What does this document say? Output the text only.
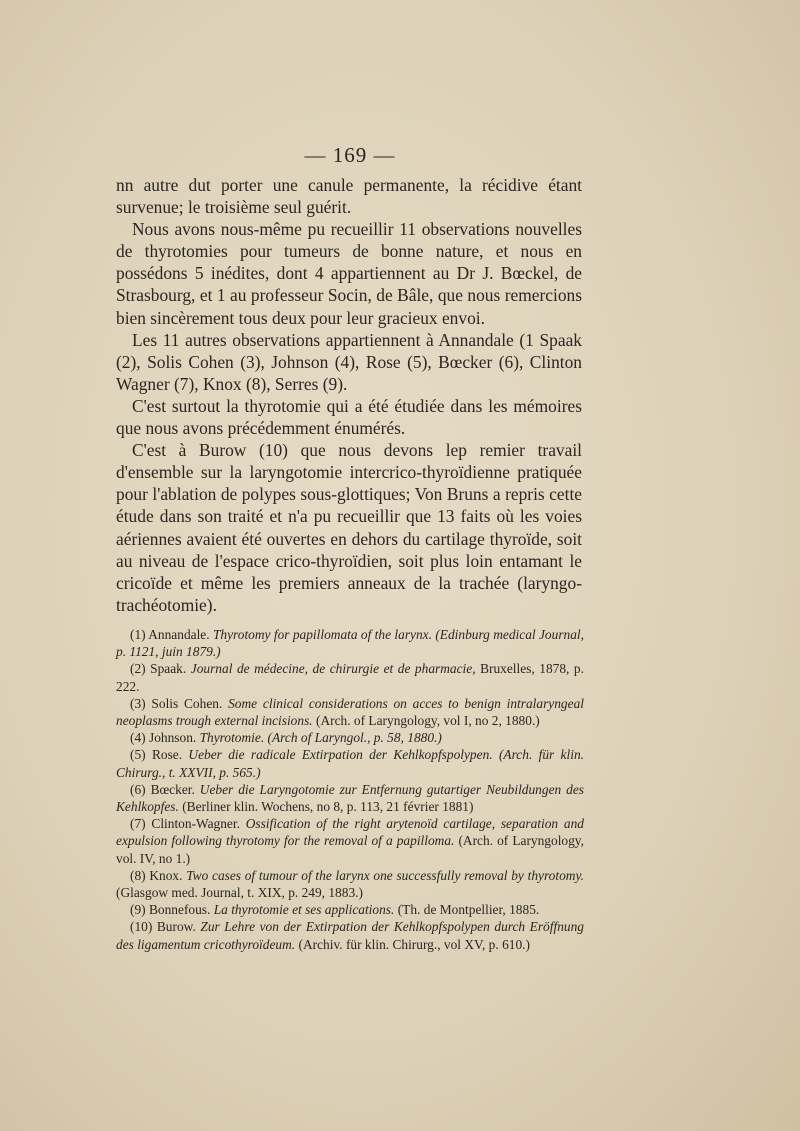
— 169 —

nn autre dut porter une canule permanente, la récidive étant survenue; le troisième seul guérit.

Nous avons nous-même pu recueillir 11 observations nouvelles de thyrotomies pour tumeurs de bonne nature, et nous en possédons 5 inédites, dont 4 appartiennent au Dr J. Bœckel, de Strasbourg, et 1 au professeur Socin, de Bâle, que nous remercions bien sincèrement tous deux pour leur gracieux envoi.

Les 11 autres observations appartiennent à Annandale (1 Spaak (2), Solis Cohen (3), Johnson (4), Rose (5), Bœcker (6), Clinton Wagner (7), Knox (8), Serres (9).

C'est surtout la thyrotomie qui a été étudiée dans les mémoires que nous avons précédemment énumérés.

C'est à Burow (10) que nous devons lep remier travail d'ensemble sur la laryngotomie intercrico-thyroïdienne pratiquée pour l'ablation de polypes sous-glottiques; Von Bruns a repris cette étude dans son traité et n'a pu recueillir que 13 faits où les voies aériennes avaient été ouvertes en dehors du cartilage thyroïde, soit au niveau de l'espace crico-thyroïdien, soit plus loin entamant le cricoïde et même les premiers anneaux de la trachée (laryngo-trachéotomie).

(1) Annandale. Thyrotomy for papillomata of the larynx. (Edinburg medical Journal, p. 1121, juin 1879.)

(2) Spaak. Journal de médecine, de chirurgie et de pharmacie, Bruxelles, 1878, p. 222.

(3) Solis Cohen. Some clinical considerations on acces to benign intralaryngeal neoplasms trough external incisions. (Arch. of Laryngology, vol I, no 2, 1880.)

(4) Johnson. Thyrotomie. (Arch of Laryngol., p. 58, 1880.)

(5) Rose. Ueber die radicale Extirpation der Kehlkopfspolypen. (Arch. für klin. Chirurg., t. XXVII, p. 565.)

(6) Bœcker. Ueber die Laryngotomie zur Entfernung gutartiger Neubildungen des Kehlkopfes. (Berliner klin. Wochens, no 8, p. 113, 21 février 1881)

(7) Clinton-Wagner. Ossification of the right arytenoïd cartilage, separation and expulsion following thyrotomy for the removal of a papilloma. (Arch. of Laryngology, vol. IV, no 1.)

(8) Knox. Two cases of tumour of the larynx one successfully removal by thyrotomy. (Glasgow med. Journal, t. XIX, p. 249, 1883.)

(9) Bonnefous. La thyrotomie et ses applications. (Th. de Montpellier, 1885.

(10) Burow. Zur Lehre von der Extirpation der Kehlkopfspolypen durch Eröffnung des ligamentum cricothyroïdeum. (Archiv. für klin. Chirurg., vol XV, p. 610.)
